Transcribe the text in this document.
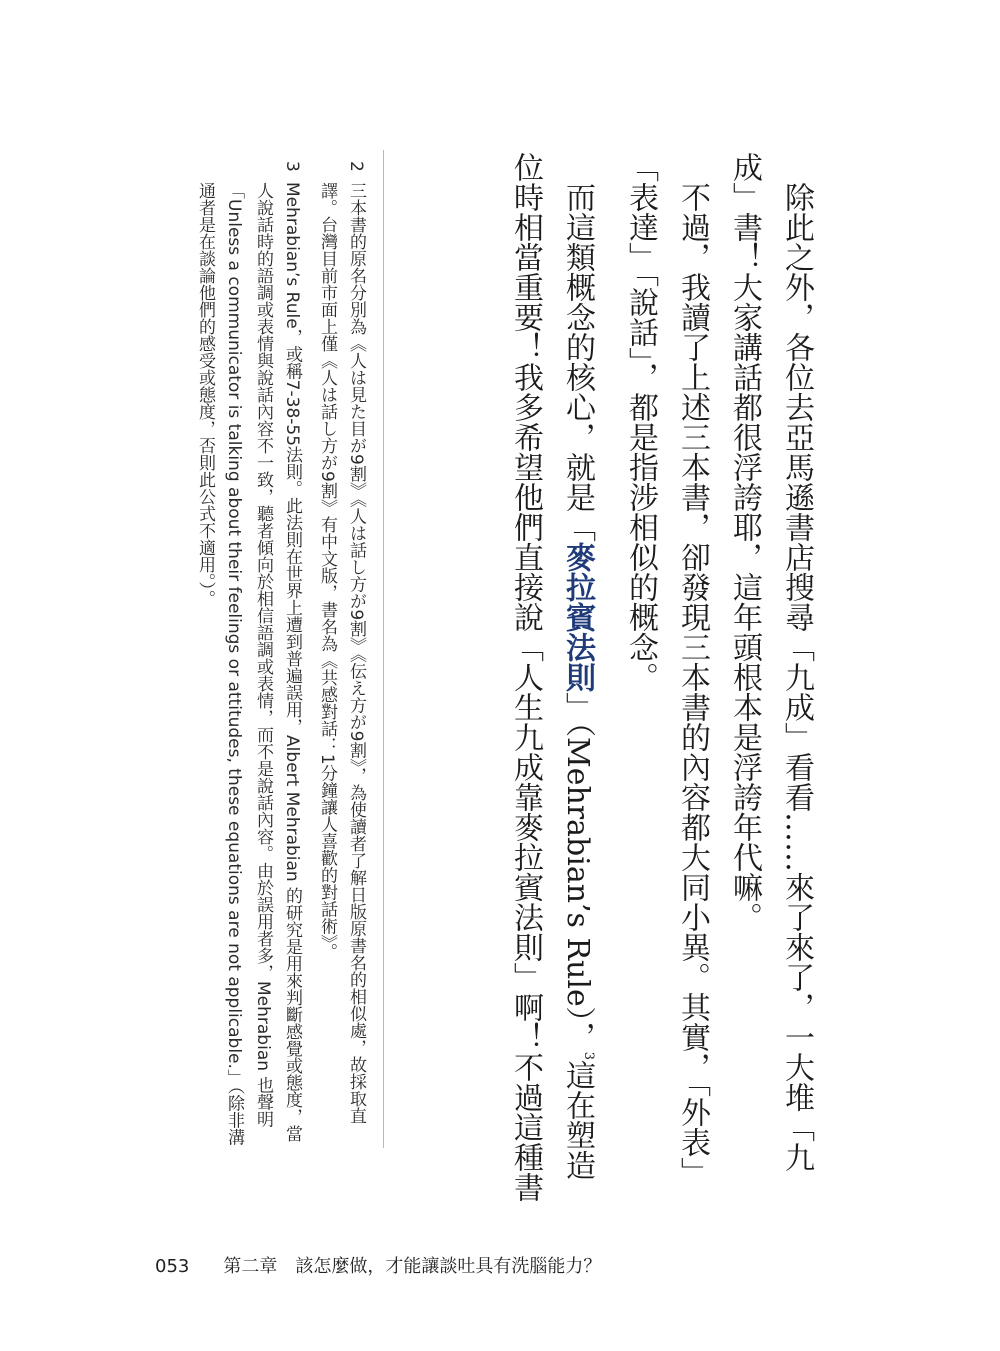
除此之外，各位去亞馬遜書店搜尋「九成」看看……來了來了，一大堆「九
成」書！大家講話都很浮誇耶，這年頭根本是浮誇年代嘛。
不過，我讀了上述三本書，卻發現三本書的內容都大同小異。其實，「外表」
「表達」「說話」，都是指涉相似的概念。
而這類概念的核心，就是「麥拉賓法則」（Mehrabian’s Rule），$^3$這在塑造
位時相當重要！我多希望他們直接說「人生九成靠麥拉賓法則」啊！不過這種書
2
三本書的原名分別為《人は見た目が9割》《人は話し方が9割》《伝え方が9割》，為使讀者了解日版原書名的相似處，故採取直譯。台灣目前市面上僅《人は話し方が9割》有中文版，書名為《共感對話：1分鐘讓人喜歡的對話術》。
3
Mehrabian’s Rule，或稱7-38-55法則。此法則在世界上遭到普遍誤用，Albert Mehrabian 的研究是用來判斷感覺或態度，當人說話時的語調或表情與說話內容不一致，聽者傾向於相信語調或表情，而不是說話內容。由於誤用者多，Mehrabian 也聲明「Unless a communicator is talking about their feelings or attitudes, these equations are not applicable.」（除非溝通者是在談論他們的感受或態度，否則此公式不適用。）。
053 第二章 該怎麼做，才能讓談吐具有洗腦能力？
